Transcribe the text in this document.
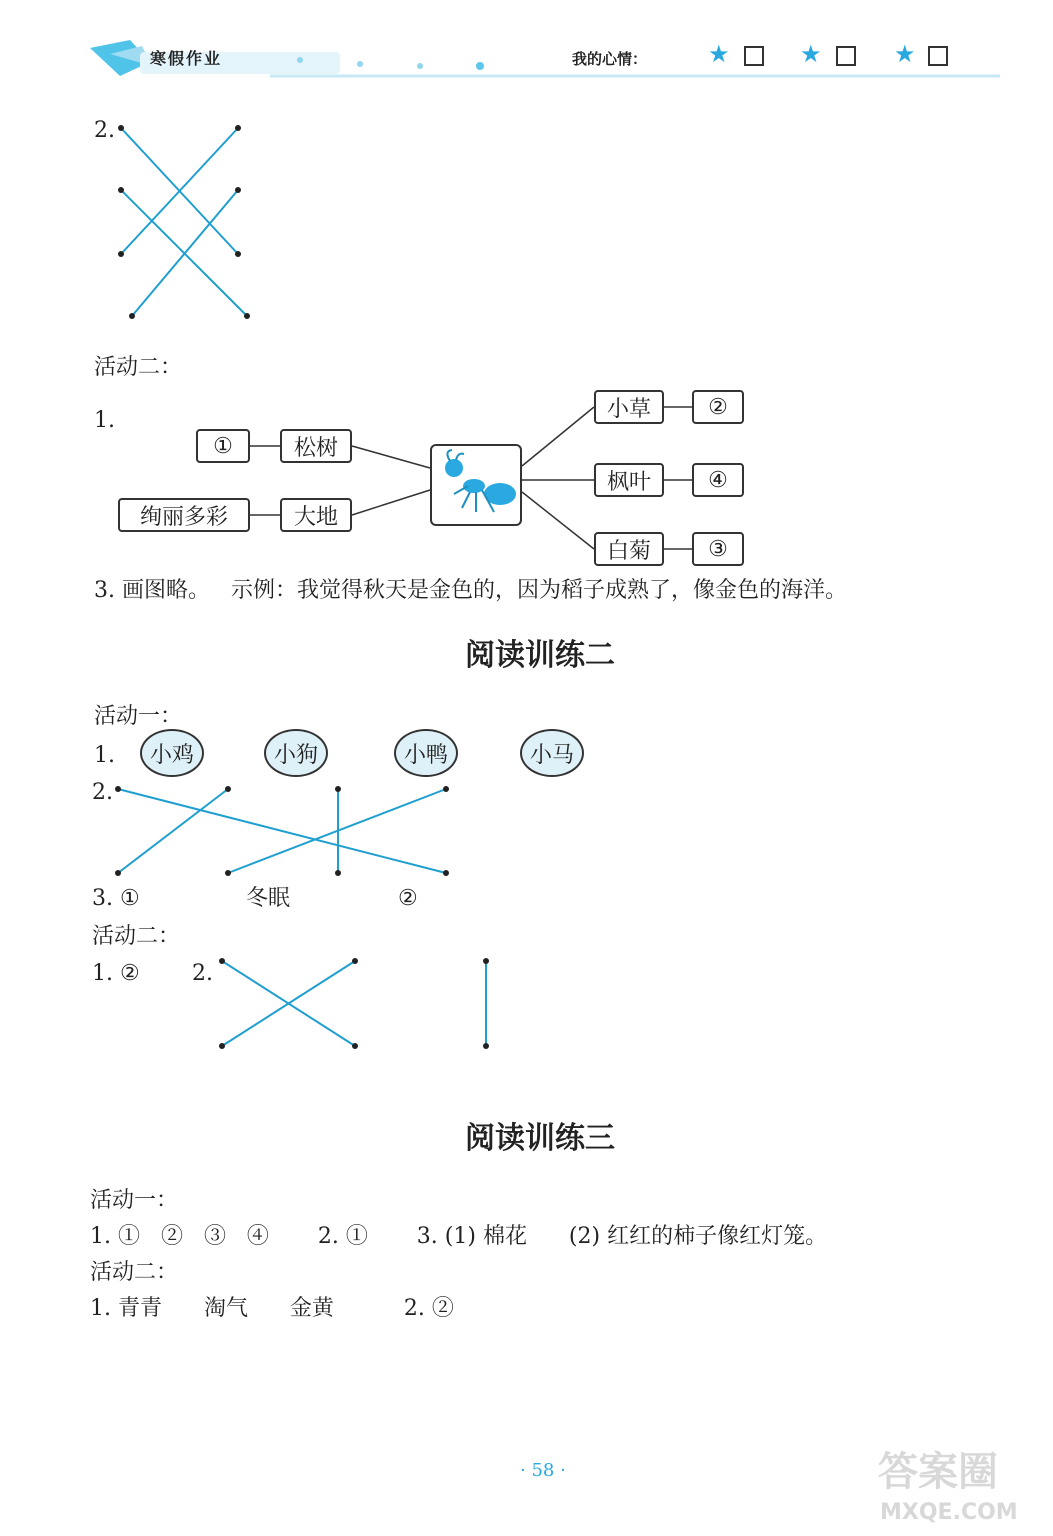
寒假作业	我的心情：	★	★	★
2.
活动二：
1.
①	松树
绚丽多彩	大地
小草	②
枫叶	④
白菊	③
3. 画图略。   示例：我觉得秋天是金色的，因为稻子成熟了，像金色的海洋。
阅读训练二
活动一：
1.	小鸡	小狗	小鸭	小马
2.
3. ①	冬眠	②
活动二：
1. ② 2.
阅读训练三
活动一：
1. ①   ②   ③   ④       2. ①       3. (1) 棉花      (2) 红红的柿子像红灯笼。
活动二：
1. 青青      淘气      金黄          2. ②
· 58 ·	答案圈
MXQE.COM
